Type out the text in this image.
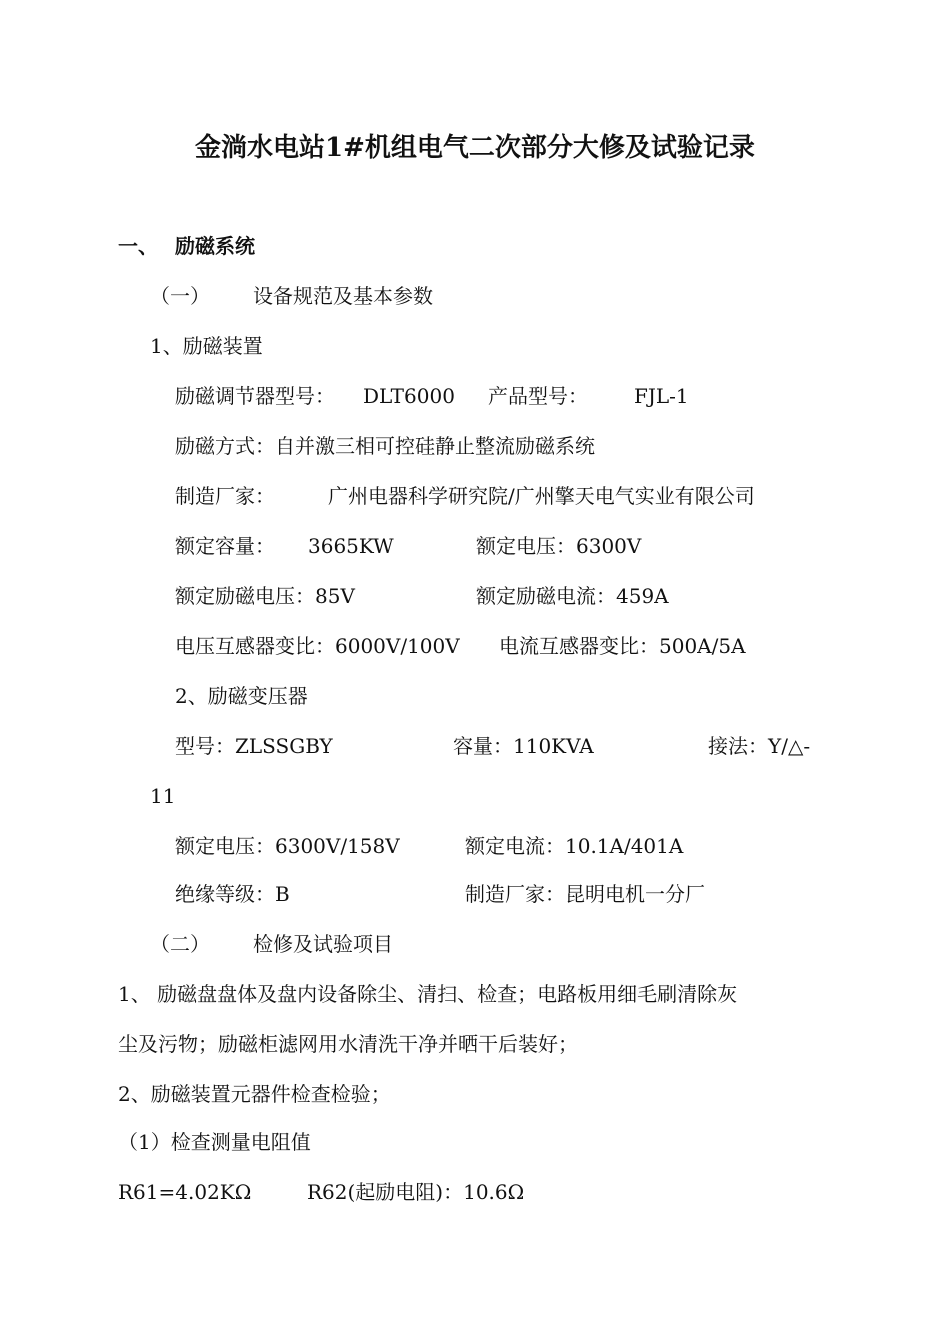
金淌水电站1#机组电气二次部分大修及试验记录
一、 励磁系统
（一） 设备规范及基本参数
1、励磁装置
励磁调节器型号： DLT6000 产品型号： FJL-1
励磁方式：自并激三相可控硅静止整流励磁系统
制造厂家：	广州电器科学研究院/广州擎天电气实业有限公司
额定容量： 3665KW	额定电压：6300V
额定励磁电压：85V	额定励磁电流：459A
电压互感器变比：6000V/100V 电流互感器变比：500A/5A
2、励磁变压器
型号：ZLSSGBY	容量：110KVA	接法：Y/△-
11
额定电压：6300V/158V	额定电流：10.1A/401A
绝缘等级：B	制造厂家：昆明电机一分厂
（二） 检修及试验项目
1、 励磁盘盘体及盘内设备除尘、清扫、检查；电路板用细毛刷清除灰
尘及污物；励磁柜滤网用水清洗干净并晒干后装好；
2、励磁装置元器件检查检验；
（1）检查测量电阻值
R61=4.02KΩ	R62(起励电阻)：10.6Ω
